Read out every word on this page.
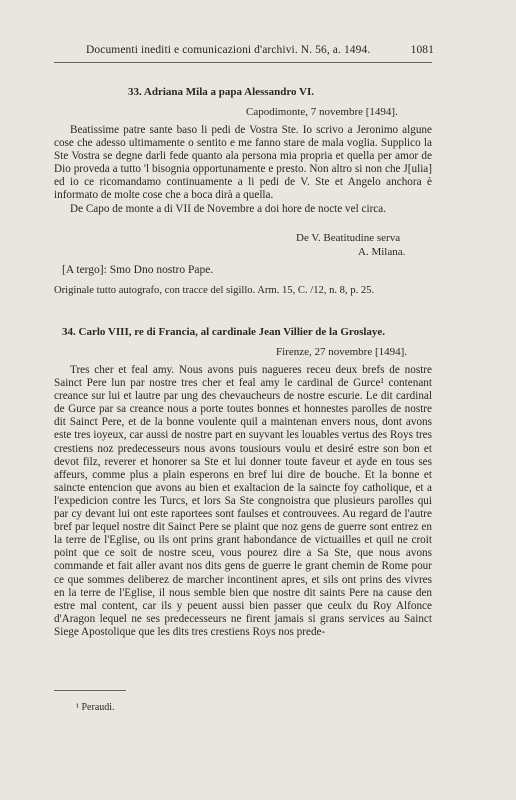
Documenti inediti e comunicazioni d'archivi. N. 56, a. 1494.	1081
33. Adriana Mila a papa Alessandro VI.
Capodimonte, 7 novembre [1494].

Beatissime patre sante baso li pedi de Vostra Ste. Io scrivo a Jeronimo algune cose che adesso ultimamente o sentito e me fanno stare de mala voglia. Supplico la Ste Vostra se degne darli fede quanto ala persona mia propria et quella per amor de Dio proveda a tutto 'l bisognia opportunamente e presto. Non altro si non che J[ulia] ed io ce ricomandamo continuamente a li pedi de V. Ste et Angelo anchora è informato de molte cose che a boca dirà a quella.

De Capo de monte a di VII de Novembre a doi hore de nocte vel circa.

De V. Beatitudine serva
A. Milana.
[A tergo]: Smo Dno nostro Pape.
Originale tutto autografo, con tracce del sigillo. Arm. 15, C. /12, n. 8, p. 25.
34. Carlo VIII, re di Francia, al cardinale Jean Villier de la Groslaye.
Firenze, 27 novembre [1494].

Tres cher et feal amy. Nous avons puis nagueres receu deux brefs de nostre Sainct Pere lun par nostre tres cher et feal amy le cardinal de Gurce¹ contenant creance sur lui et lautre par ung des chevaucheurs de nostre escurie. Le dit cardinal de Gurce par sa creance nous a porte toutes bonnes et honnestes parolles de nostre dit Sainct Pere, et de la bonne voulente quil a maintenan envers nous, dont avons este tres ioyeux, car aussi de nostre part en suyvant les louables vertus des Roys tres crestiens noz predecesseurs nous avons tousiours voulu et desiré estre son bon et devot filz, reverer et honorer sa Ste et lui donner toute faveur et ayde en tous ses affeurs, comme plus a plain esperons en bref lui dire de bouche. Et la bonne et saincte entencion que avons au bien et exaltacion de la saincte foy catholique, et a l'expedicion contre les Turcs, et lors Sa Ste congnoistra que plusieurs parolles qui par cy devant lui ont este raportees sont faulses et controuvees. Au regard de l'autre bref par lequel nostre dit Sainct Pere se plaint que noz gens de guerre sont entrez en la terre de l'Eglise, ou ils ont prins grant habondance de victuailles et quil ne croit point que ce soit de nostre sceu, vous pourez dire a Sa Ste, que nous avons commande et fait aller avant nos dits gens de guerre le grant chemin de Rome pour ce que sommes deliberez de marcher incontinent apres, et sils ont prins des vivres en la terre de l'Eglise, il nous semble bien que nostre dit saints Pere na cause den estre mal content, car ils y peuent aussi bien passer que ceulx du Roy Alfonce d'Aragon lequel ne ses predecesseurs ne firent jamais si grans services au Sainct Siege Apostolique que les dits tres crestiens Roys nos prede-

¹ Peraudi.
